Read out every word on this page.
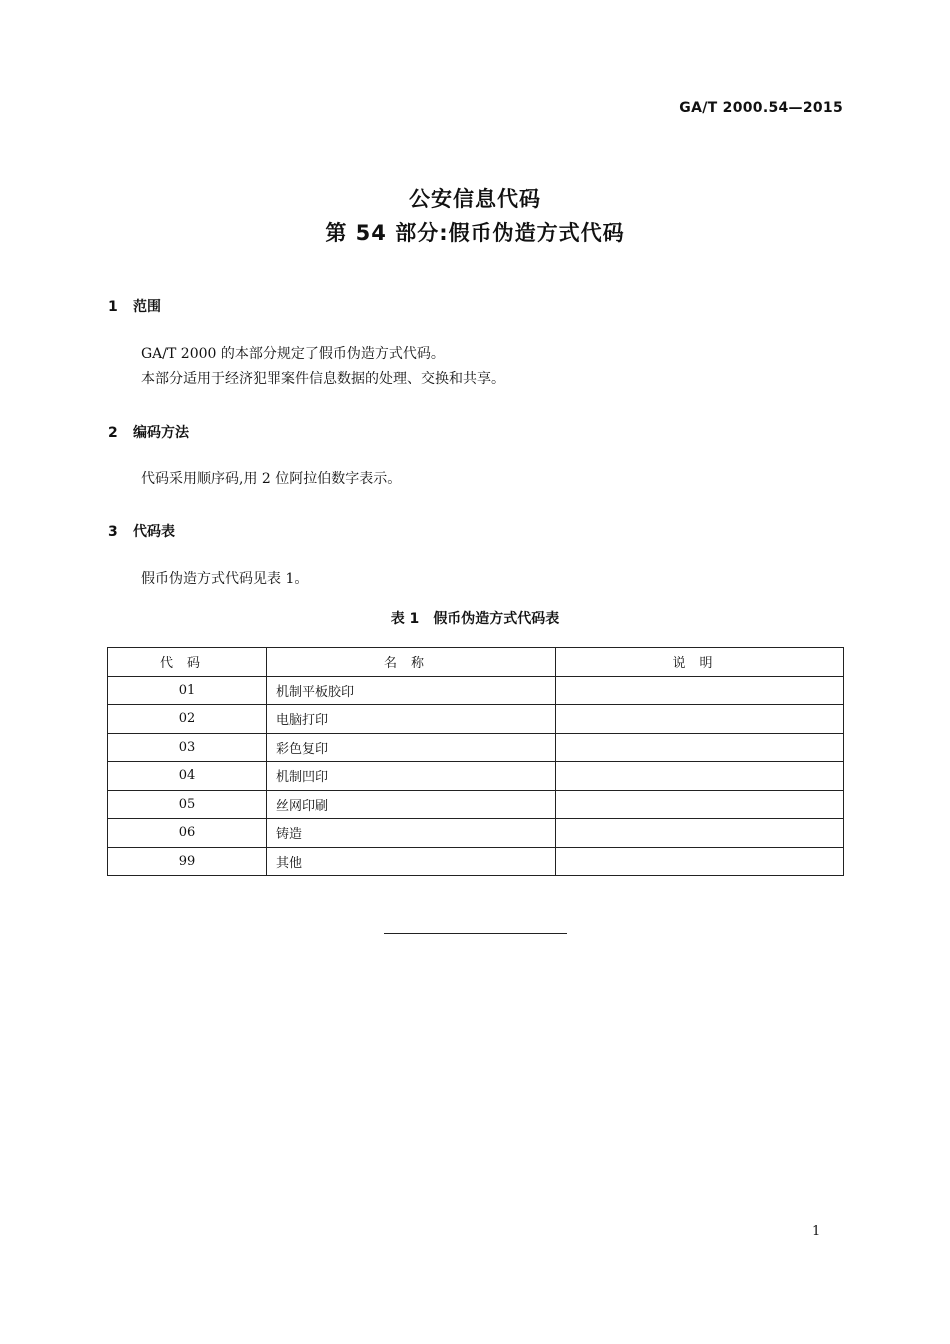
GA/T 2000.54—2015
公安信息代码
第 54 部分:假币伪造方式代码
1 范围
GA/T 2000 的本部分规定了假币伪造方式代码。
本部分适用于经济犯罪案件信息数据的处理、交换和共享。
2 编码方法
代码采用顺序码,用 2 位阿拉伯数字表示。
3 代码表
假币伪造方式代码见表 1。
表 1 假币伪造方式代码表
代码	名称	说明
01	机制平板胶印	
02	电脑打印	
03	彩色复印	
04	机制凹印	
05	丝网印刷	
06	铸造	
99	其他	
1
